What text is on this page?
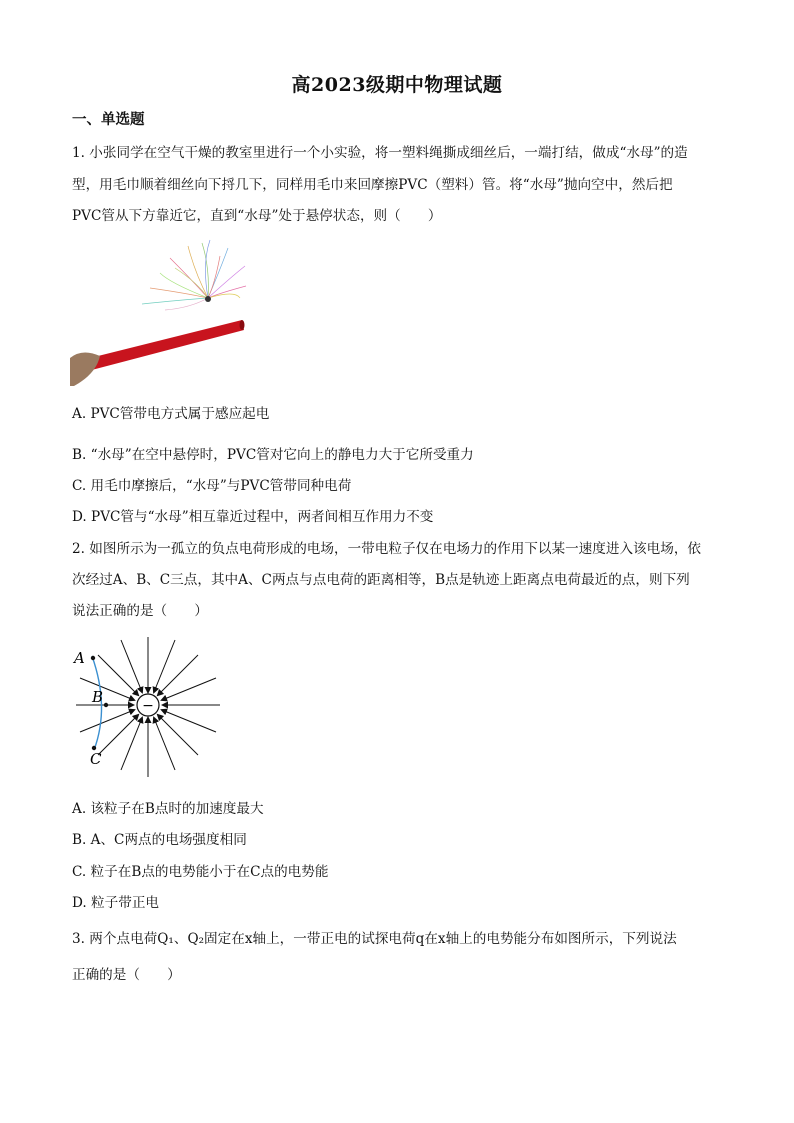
高2023级期中物理试题
一、单选题
1. 小张同学在空气干燥的教室里进行一个小实验，将一塑料绳撕成细丝后，一端打结，做成“水母”的造
型，用毛巾顺着细丝向下捋几下，同样用毛巾来回摩擦PVC（塑料）管。将“水母”抛向空中，然后把
PVC管从下方靠近它，直到“水母”处于悬停状态，则（　　）
A. PVC管带电方式属于感应起电
B. “水母”在空中悬停时，PVC管对它向上的静电力大于它所受重力
C. 用毛巾摩擦后，“水母”与PVC管带同种电荷
D. PVC管与“水母”相互靠近过程中，两者间相互作用力不变
2. 如图所示为一孤立的负点电荷形成的电场，一带电粒子仅在电场力的作用下以某一速度进入该电场，依
次经过A、B、C三点，其中A、C两点与点电荷的距离相等，B点是轨迹上距离点电荷最近的点，则下列
说法正确的是（　　）
−
A
B
C
A. 该粒子在B点时的加速度最大
B. A、C两点的电场强度相同
C. 粒子在B点的电势能小于在C点的电势能
D. 粒子带正电
3. 两个点电荷Q₁、Q₂固定在x轴上，一带正电的试探电荷q在x轴上的电势能分布如图所示，下列说法
正确的是（　　）
